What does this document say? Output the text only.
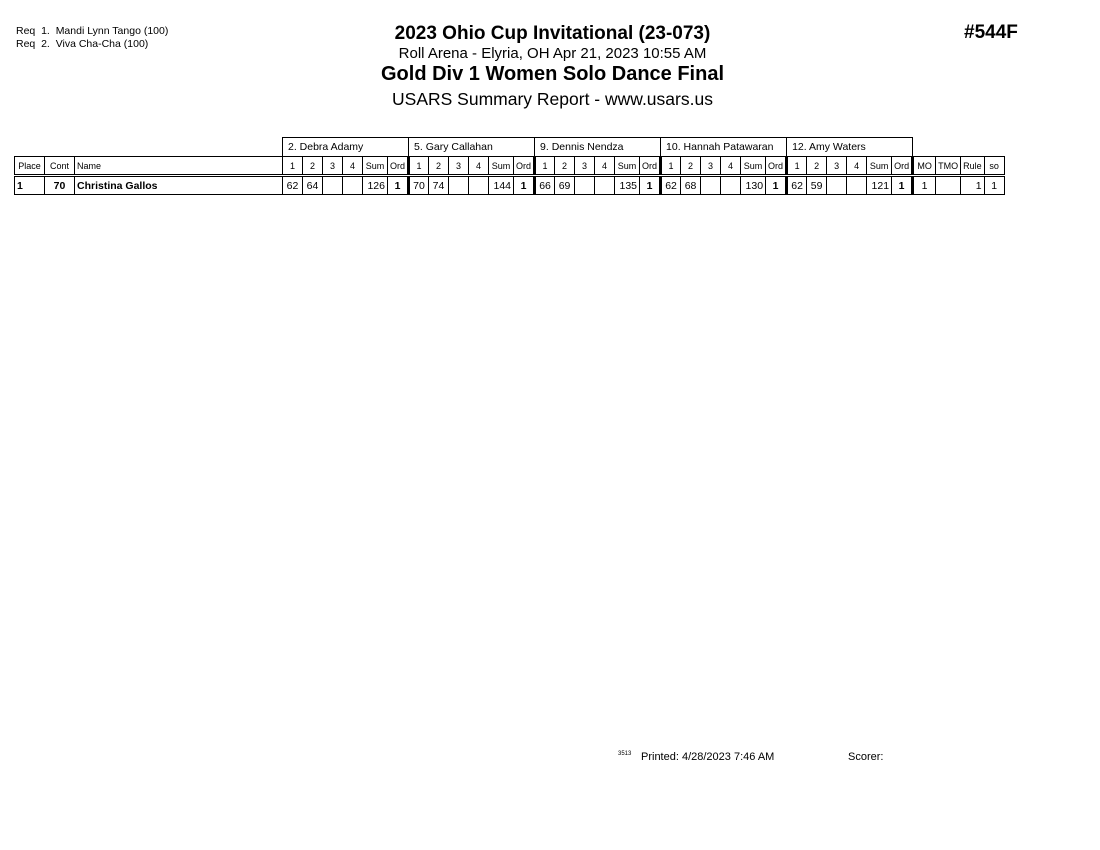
Req  1.  Mandi Lynn Tango (100)
Req  2.  Viva Cha-Cha (100)
#544F
2023 Ohio Cup Invitational (23-073)
Roll Arena - Elyria, OH Apr 21, 2023 10:55 AM
Gold Div 1 Women Solo Dance Final
USARS Summary Report - www.usars.us
			2. Debra Adamy						5. Gary Callahan						9. Dennis Nendza						10. Hannah Patawaran						12. Amy Waters									
Place	Cont	Name	1	2	3	4	Sum	Ord	1	2	3	4	Sum	Ord	1	2	3	4	Sum	Ord	1	2	3	4	Sum	Ord	1	2	3	4	Sum	Ord	MO	TMO	Rule	so
1	70	Christina Gallos	62	64			126	1	70	74			144	1	66	69			135	1	62	68			130	1	62	59			121	1	1		1	1
3513 Printed: 4/28/2023 7:46 AM	Scorer:
